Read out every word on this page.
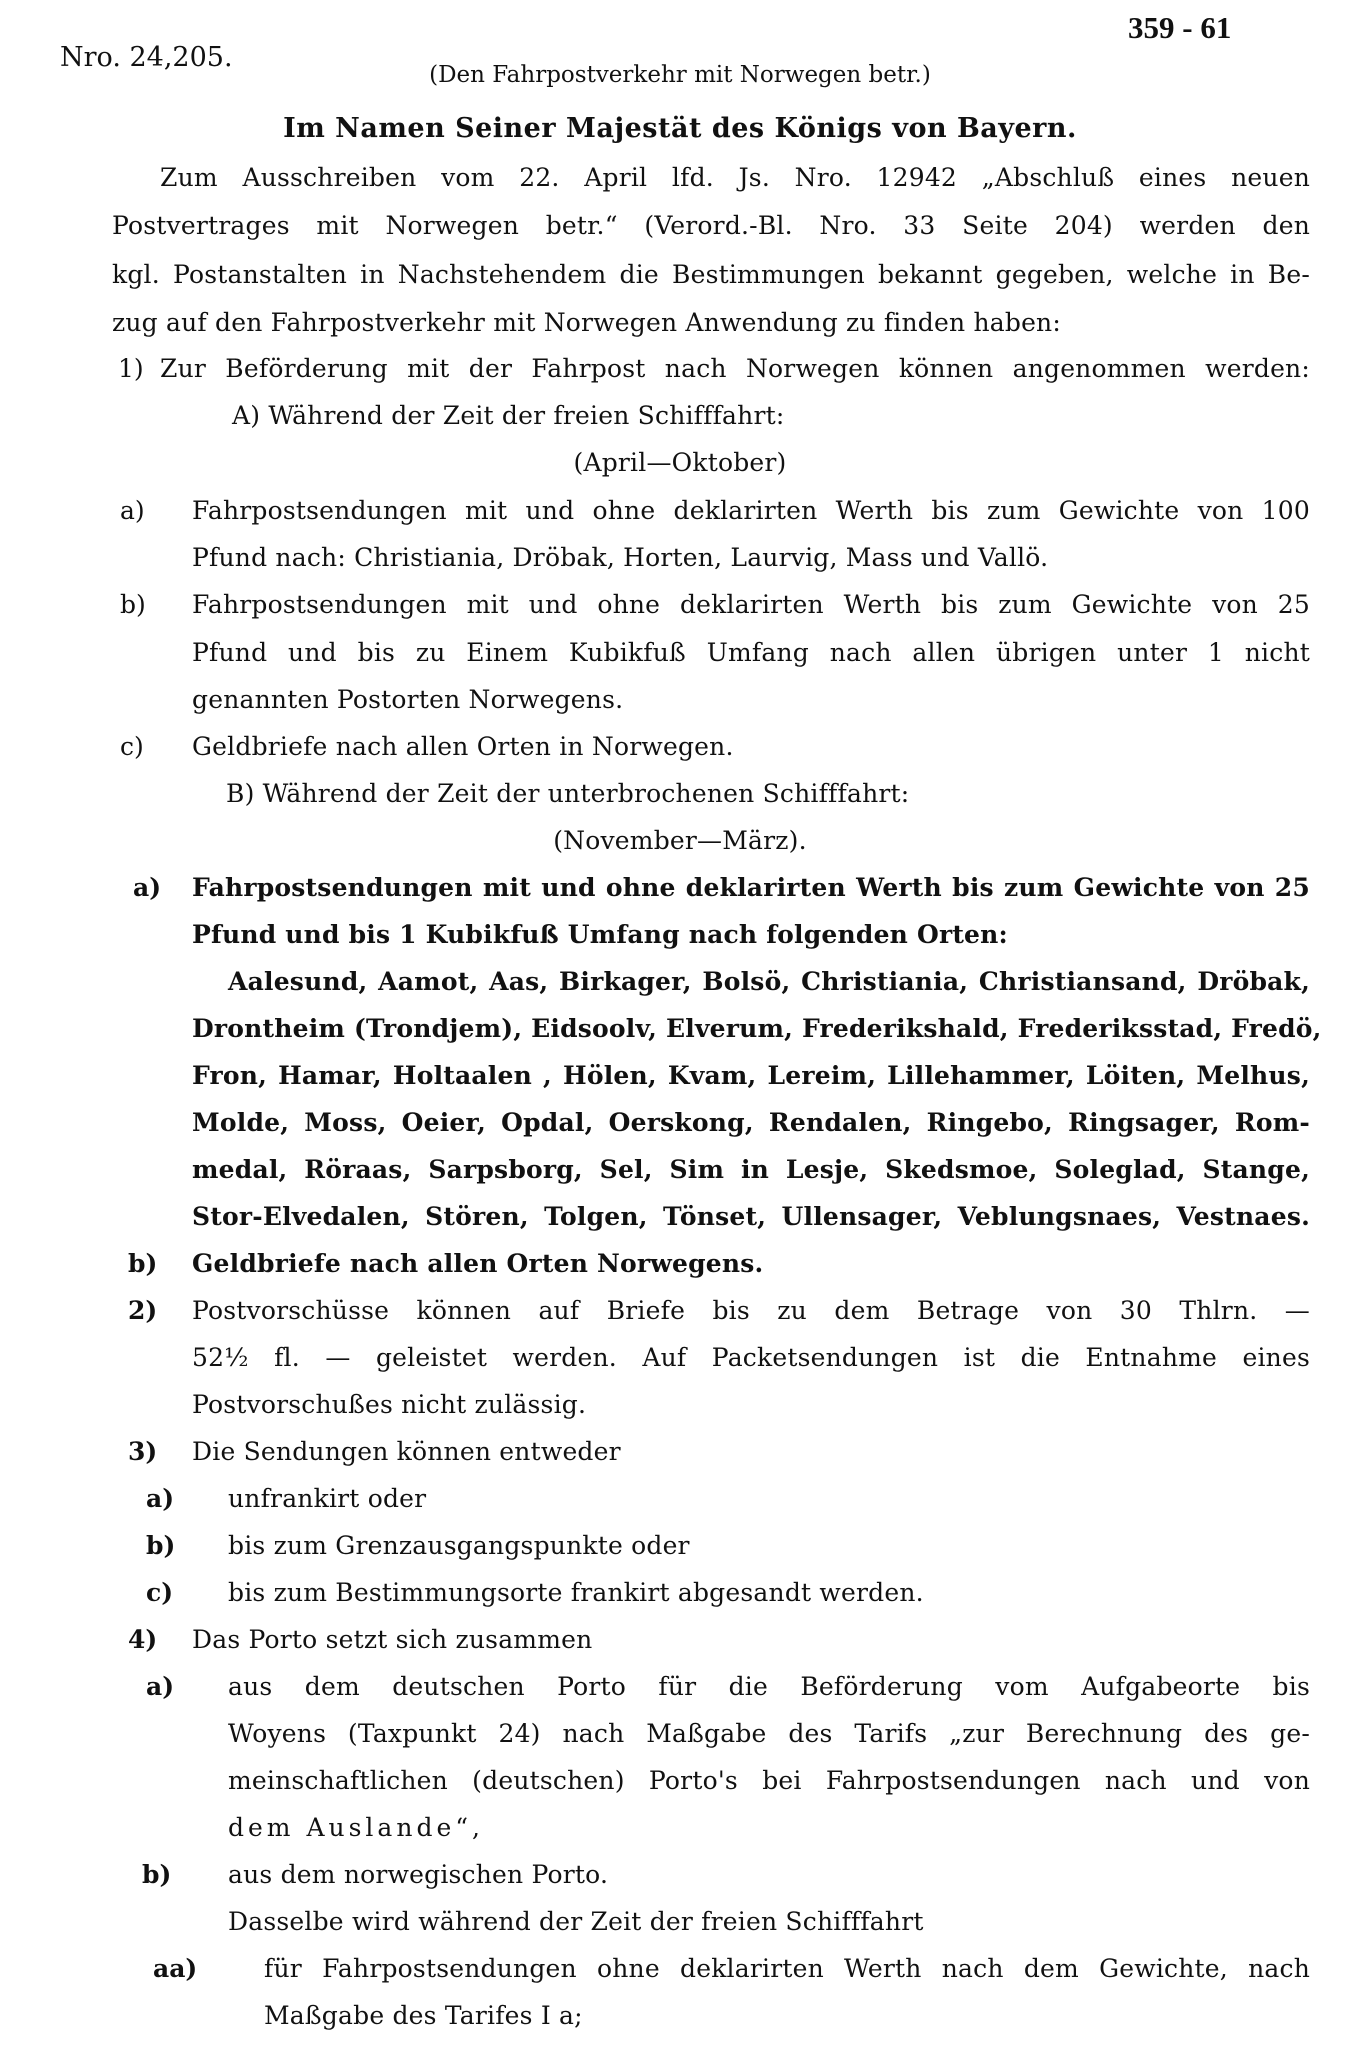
359 - 61
Nro. 24,205.
(Den Fahrpostverkehr mit Norwegen betr.)
Im Namen Seiner Majestät des Königs von Bayern.
Zum Ausschreiben vom 22. April lfd. Js. Nro. 12942 „Abschluß eines neuen
Postvertrages mit Norwegen betr.“ (Verord.-Bl. Nro. 33 Seite 204) werden den
kgl. Postanstalten in Nachstehendem die Bestimmungen bekannt gegeben, welche in Be-
zug auf den Fahrpostverkehr mit Norwegen Anwendung zu finden haben:
1) Zur Beförderung mit der Fahrpost nach Norwegen können angenommen werden:
A) Während der Zeit der freien Schifffahrt:
(April—Oktober)
a) Fahrpostsendungen mit und ohne deklarirten Werth bis zum Gewichte von 100
Pfund nach: Christiania, Dröbak, Horten, Laurvig, Mass und Vallö.
b) Fahrpostsendungen mit und ohne deklarirten Werth bis zum Gewichte von 25
Pfund und bis zu Einem Kubikfuß Umfang nach allen übrigen unter 1 nicht
genannten Postorten Norwegens.
c) Geldbriefe nach allen Orten in Norwegen.
B) Während der Zeit der unterbrochenen Schifffahrt:
(November—März).
a) Fahrpostsendungen mit und ohne deklarirten Werth bis zum Gewichte von 25
Pfund und bis 1 Kubikfuß Umfang nach folgenden Orten:
Aalesund, Aamot, Aas, Birkager, Bolsö, Christiania, Christiansand, Dröbak,
Drontheim (Trondjem), Eidsoolv, Elverum, Frederikshald, Frederiksstad, Fredö,
Fron, Hamar, Holtaalen , Hölen, Kvam, Lereim, Lillehammer, Löiten, Melhus,
Molde, Moss, Oeier, Opdal, Oerskong, Rendalen, Ringebo, Ringsager, Rom-
medal, Röraas, Sarpsborg, Sel, Sim in Lesje, Skedsmoe, Soleglad, Stange,
Stor-Elvedalen, Stören, Tolgen, Tönset, Ullensager, Veblungsnaes, Vestnaes.
b) Geldbriefe nach allen Orten Norwegens.
2) Postvorschüsse können auf Briefe bis zu dem Betrage von 30 Thlrn. —
52½ fl. — geleistet werden. Auf Packetsendungen ist die Entnahme eines
Postvorschußes nicht zulässig.
3) Die Sendungen können entweder
a) unfrankirt oder
b) bis zum Grenzausgangspunkte oder
c) bis zum Bestimmungsorte frankirt abgesandt werden.
4) Das Porto setzt sich zusammen
a) aus dem deutschen Porto für die Beförderung vom Aufgabeorte bis
Woyens (Taxpunkt 24) nach Maßgabe des Tarifs „zur Berechnung des ge-
meinschaftlichen (deutschen) Porto's bei Fahrpostsendungen nach und von
dem Auslande“,
b) aus dem norwegischen Porto.
Dasselbe wird während der Zeit der freien Schifffahrt
aa)	für Fahrpostsendungen ohne deklarirten Werth nach dem Gewichte, nach
Maßgabe des Tarifes I a;
